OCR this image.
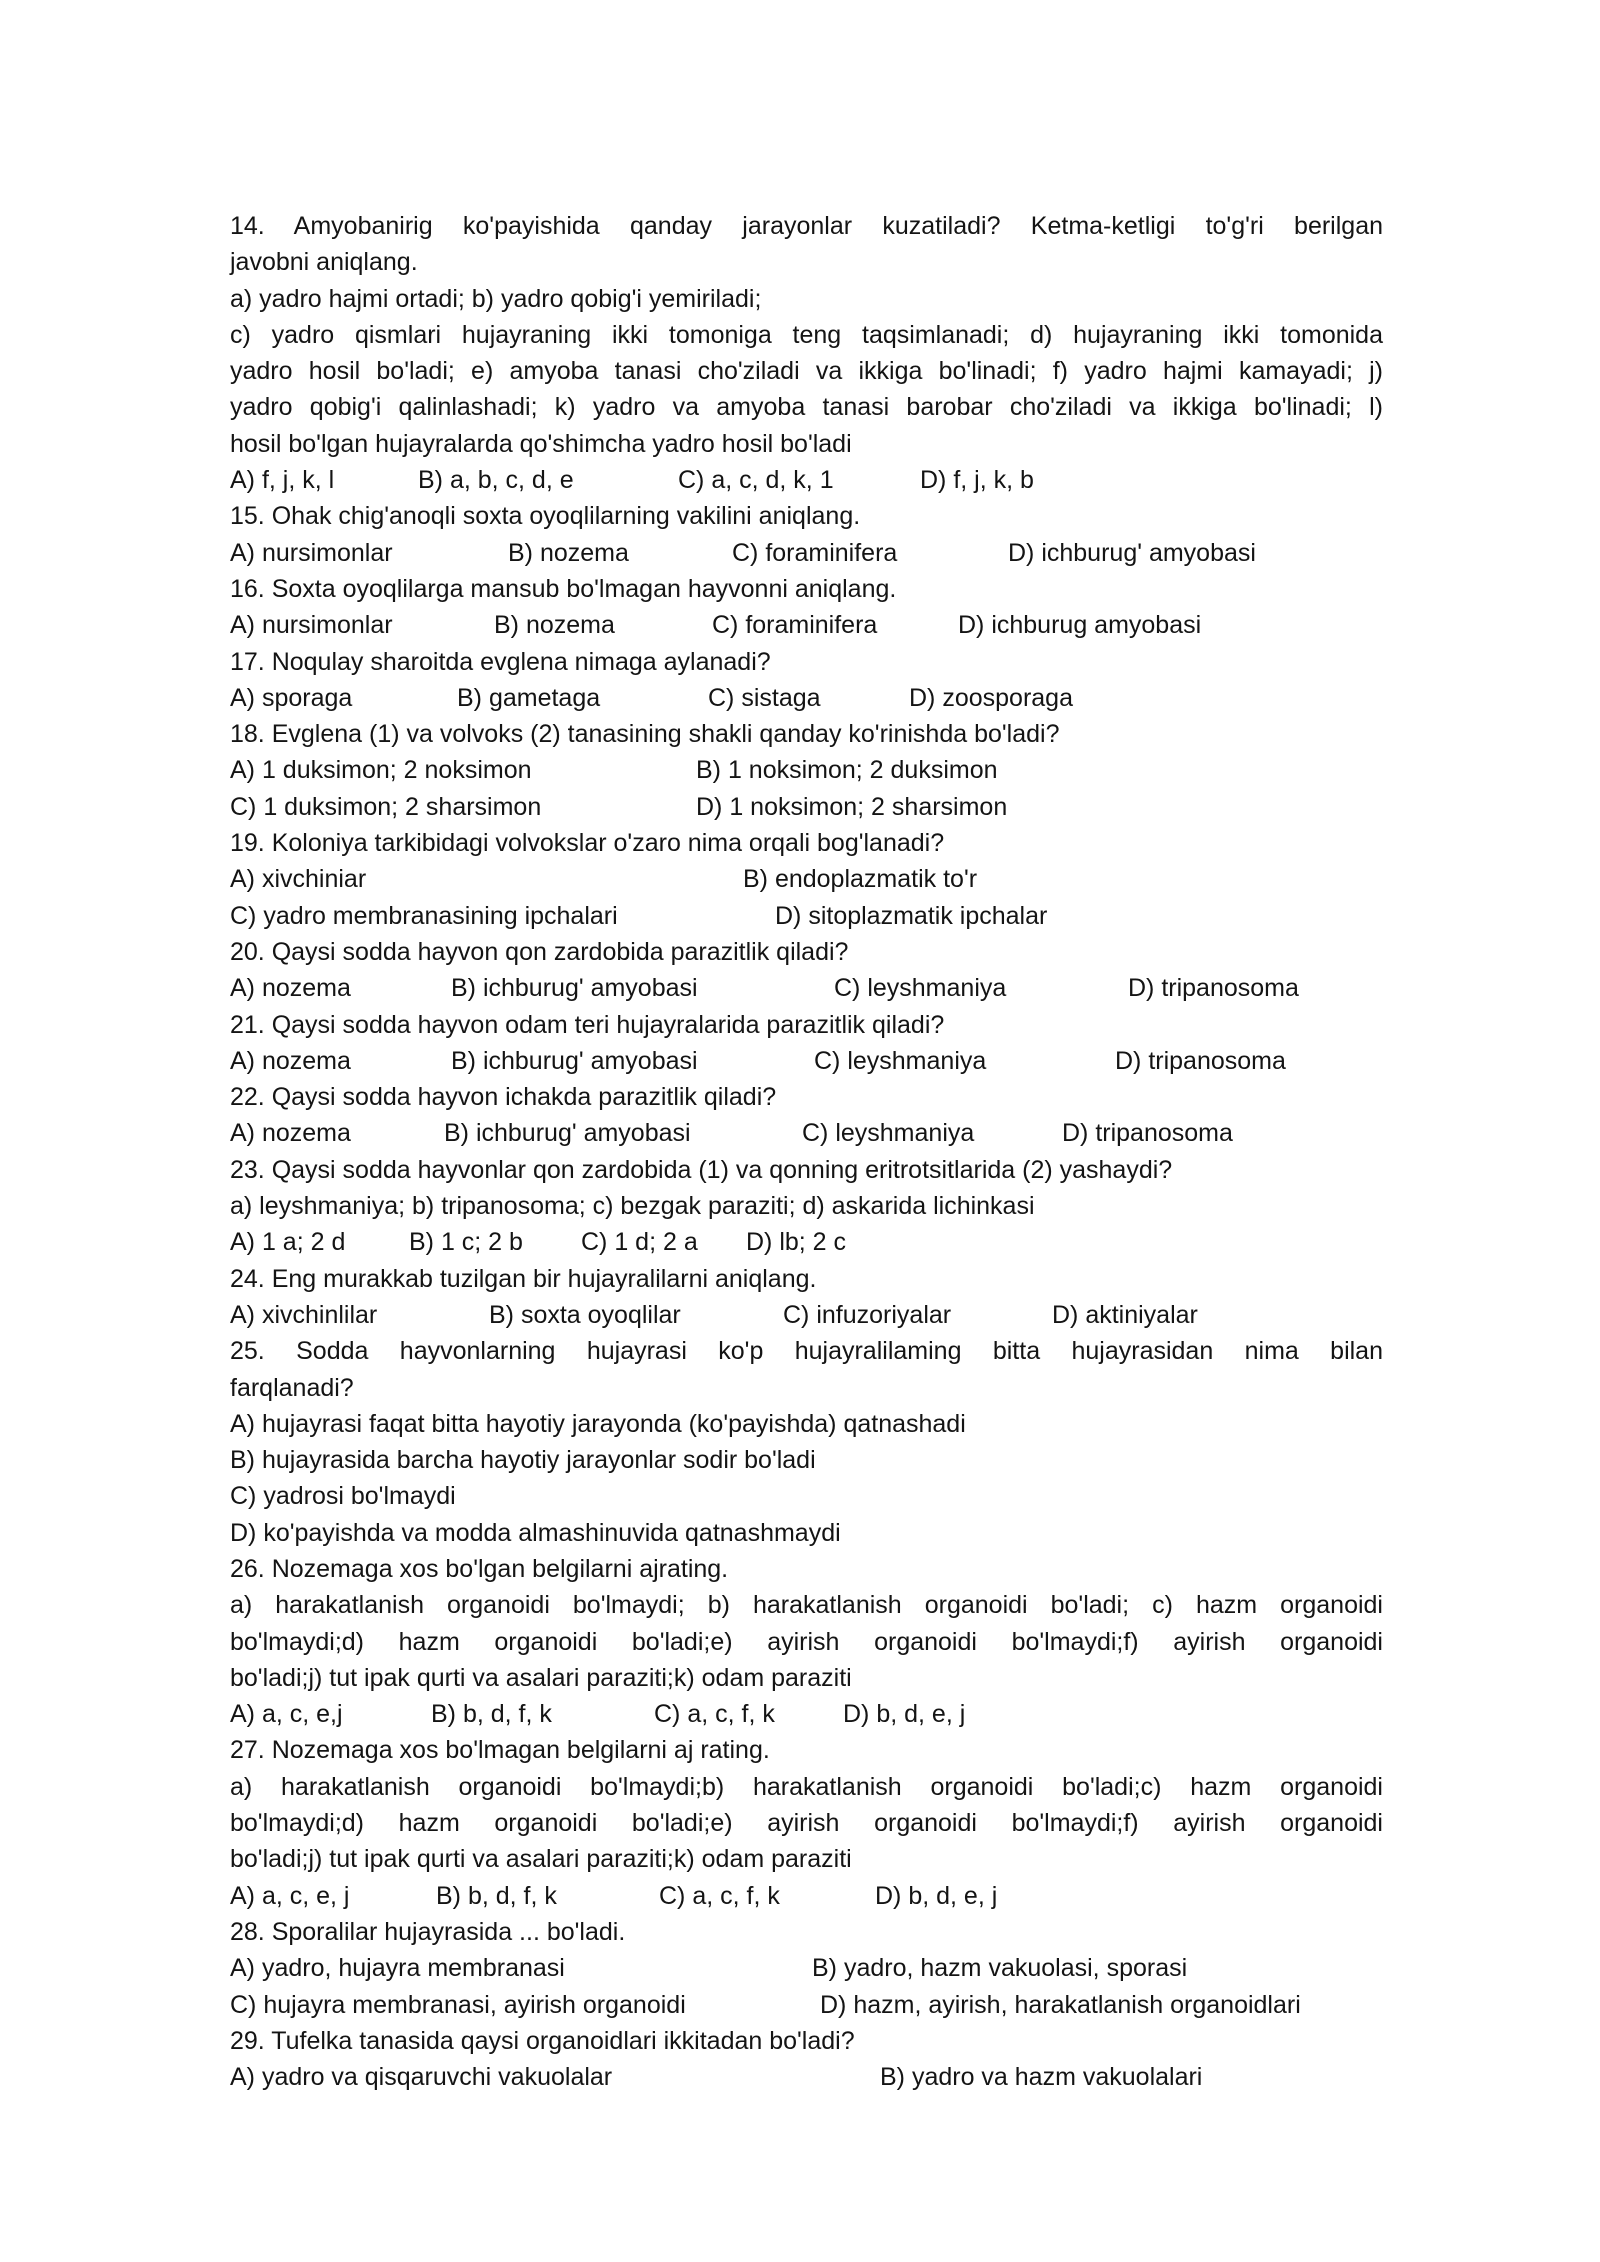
14. Amyobanirig ko'payishida qanday jarayonlar kuzatiladi? Ketma-ketligi to'g'ri berilgan
javobni aniqlang.
a) yadro hajmi ortadi; b) yadro qobig'i yemiriladi;
c) yadro qismlari hujayraning ikki tomoniga teng taqsimlanadi; d) hujayraning ikki tomonida
yadro hosil bo'ladi; e) amyoba tanasi cho'ziladi va ikkiga bo'linadi; f) yadro hajmi kamayadi; j)
yadro qobig'i qalinlashadi; k) yadro va amyoba tanasi barobar cho'ziladi va ikkiga bo'linadi; l)
hosil bo'lgan hujayralarda qo'shimcha yadro hosil bo'ladi
A) f, j, k, l	B) a, b, c, d, e	C) a, c, d, k, 1	D) f, j, k, b
15. Ohak chig'anoqli soxta oyoqlilarning vakilini aniqlang.
A) nursimonlar	B) nozema	C) foraminifera	D) ichburug' amyobasi
16. Soxta oyoqlilarga mansub bo'lmagan hayvonni aniqlang.
A) nursimonlar	B) nozema	C) foraminifera	D) ichburug amyobasi
17. Noqulay sharoitda evglena nimaga aylanadi?
A) sporaga	B) gametaga	C) sistaga	D) zoosporaga
18. Evglena (1) va volvoks (2) tanasining shakli qanday ko'rinishda bo'ladi?
A) 1 duksimon; 2 noksimon	B) 1 noksimon; 2 duksimon
C) 1 duksimon; 2 sharsimon	D) 1 noksimon; 2 sharsimon
19. Koloniya tarkibidagi volvokslar o'zaro nima orqali bog'lanadi?
A) xivchiniar	B) endoplazmatik to'r
C) yadro membranasining ipchalari	D) sitoplazmatik ipchalar
20. Qaysi sodda hayvon qon zardobida parazitlik qiladi?
A) nozema	B) ichburug' amyobasi	C) leyshmaniya	D) tripanosoma
21. Qaysi sodda hayvon odam teri hujayralarida parazitlik qiladi?
A) nozema	B) ichburug' amyobasi	C) leyshmaniya	D) tripanosoma
22. Qaysi sodda hayvon ichakda parazitlik qiladi?
A) nozema	B) ichburug' amyobasi	C) leyshmaniya	D) tripanosoma
23. Qaysi sodda hayvonlar qon zardobida (1) va qonning eritrotsitlarida (2) yashaydi?
a) leyshmaniya; b) tripanosoma; c) bezgak paraziti; d) askarida lichinkasi
A) 1 a; 2 d	B) 1 c; 2 b C) 1 d; 2 a D) lb; 2 c
24. Eng murakkab tuzilgan bir hujayralilarni aniqlang.
A) xivchinlilar	B) soxta oyoqlilar	C) infuzoriyalar	D) aktiniyalar
25. Sodda hayvonlarning hujayrasi ko'p hujayralilaming bitta hujayrasidan nima bilan
farqlanadi?
A) hujayrasi faqat bitta hayotiy jarayonda (ko'payishda) qatnashadi
B) hujayrasida barcha hayotiy jarayonlar sodir bo'ladi
C) yadrosi bo'lmaydi
D) ko'payishda va modda almashinuvida qatnashmaydi
26. Nozemaga xos bo'lgan belgilarni ajrating.
a) harakatlanish organoidi bo'lmaydi; b) harakatlanish organoidi bo'ladi; c) hazm organoidi
bo'lmaydi;d) hazm organoidi bo'ladi;e) ayirish organoidi bo'lmaydi;f) ayirish organoidi
bo'ladi;j) tut ipak qurti va asalari paraziti;k) odam paraziti
A) a, c, e,j	B) b, d, f, k	C) a, c, f, k	D) b, d, e, j
27. Nozemaga xos bo'lmagan belgilarni aj rating.
a) harakatlanish organoidi bo'lmaydi;b) harakatlanish organoidi bo'ladi;c) hazm organoidi
bo'lmaydi;d) hazm organoidi bo'ladi;e) ayirish organoidi bo'lmaydi;f) ayirish organoidi
bo'ladi;j) tut ipak qurti va asalari paraziti;k) odam paraziti
A) a, c, e, j	B) b, d, f, k	C) a, c, f, k	D) b, d, e, j
28. Sporalilar hujayrasida ... bo'ladi.
A) yadro, hujayra membranasi	B) yadro, hazm vakuolasi, sporasi
C) hujayra membranasi, ayirish organoidi	D) hazm, ayirish, harakatlanish organoidlari
29. Tufelka tanasida qaysi organoidlari ikkitadan bo'ladi?
A) yadro va qisqaruvchi vakuolalar	B) yadro va hazm vakuolalari
